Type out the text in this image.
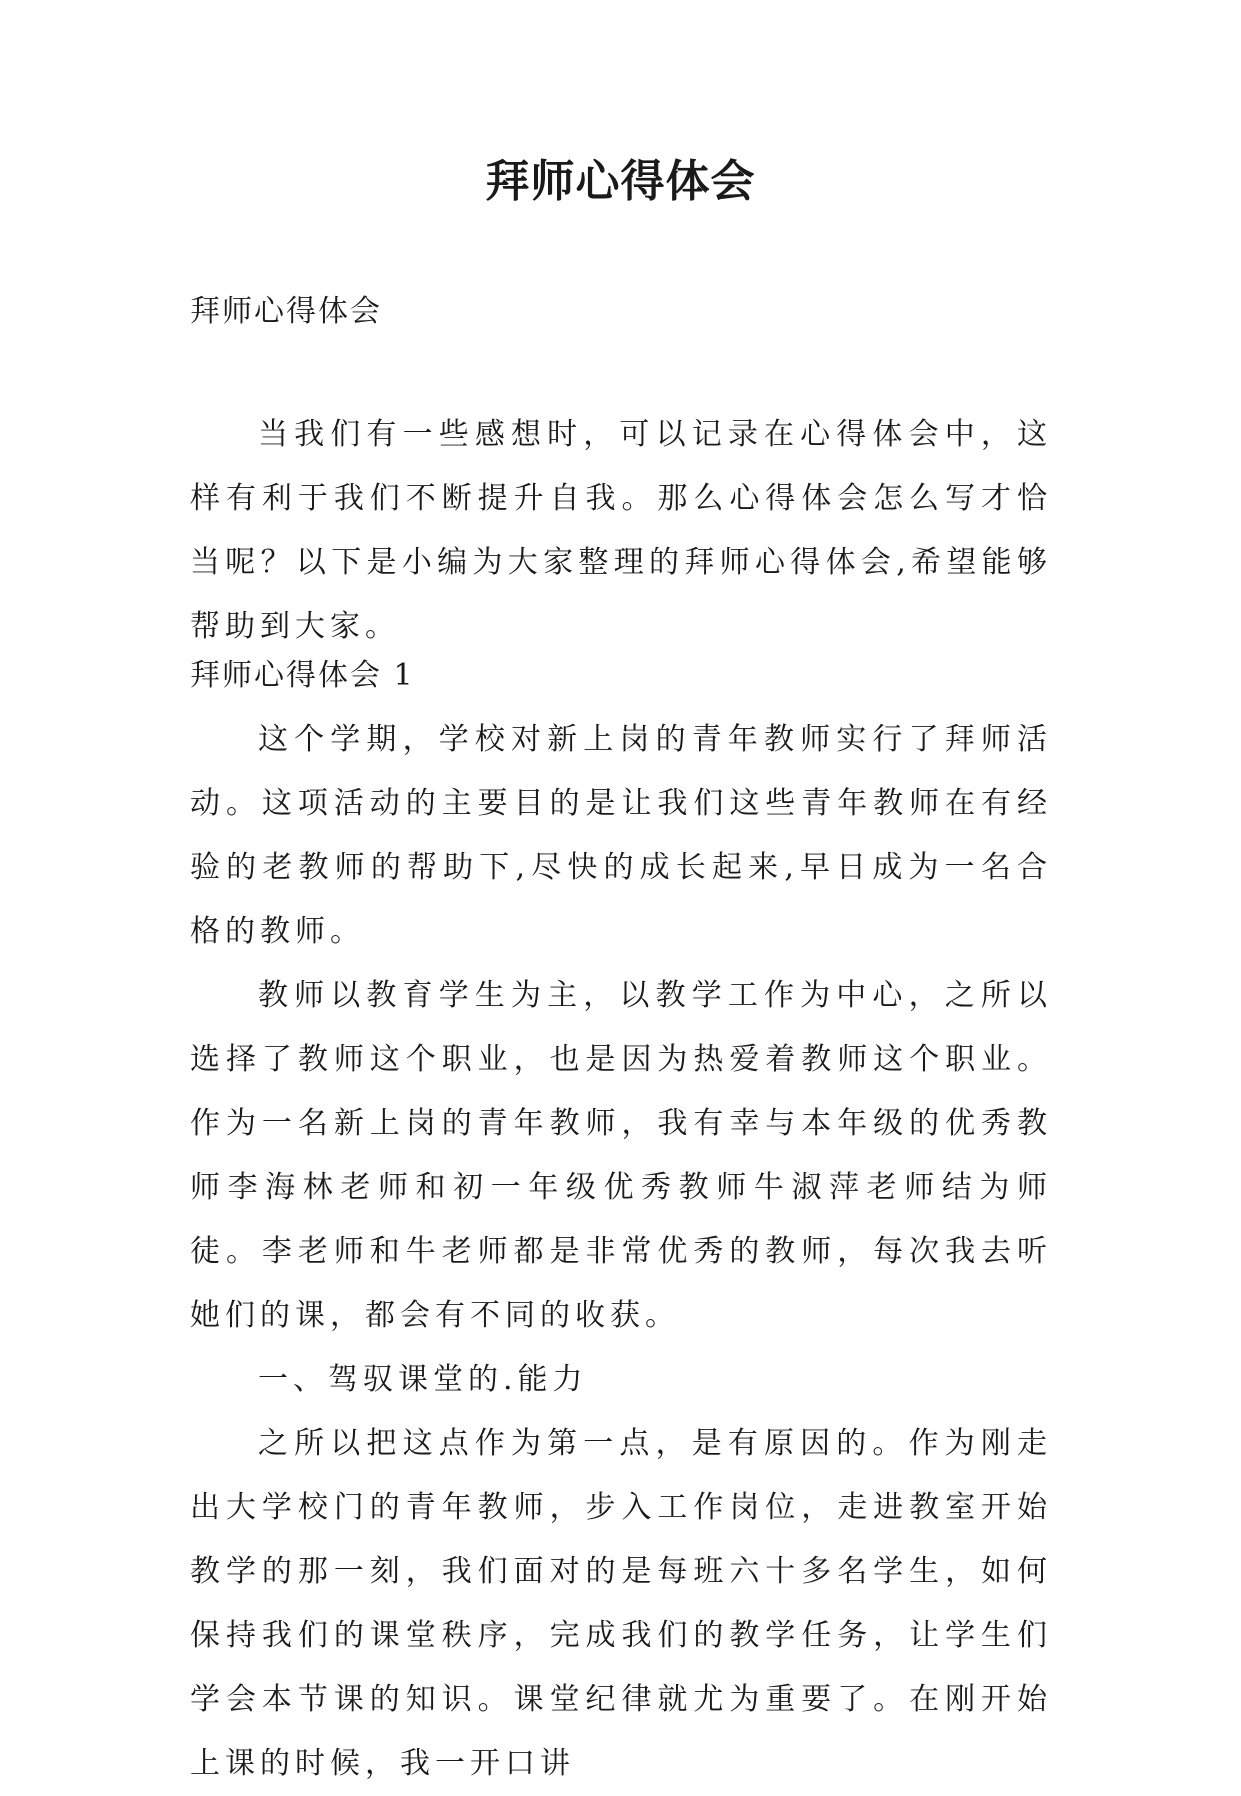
拜师心得体会
拜师心得体会

当我们有一些感想时，可以记录在心得体会中，这样有利于我们不断提升自我。那么心得体会怎么写才恰当呢？以下是小编为大家整理的拜师心得体会,希望能够帮助到大家。

拜师心得体会 1

这个学期，学校对新上岗的青年教师实行了拜师活动。这项活动的主要目的是让我们这些青年教师在有经验的老教师的帮助下,尽快的成长起来,早日成为一名合格的教师。

教师以教育学生为主，以教学工作为中心，之所以选择了教师这个职业，也是因为热爱着教师这个职业。作为一名新上岗的青年教师，我有幸与本年级的优秀教师李海林老师和初一年级优秀教师牛淑萍老师结为师徒。李老师和牛老师都是非常优秀的教师，每次我去听她们的课，都会有不同的收获。

一、驾驭课堂的.能力

之所以把这点作为第一点，是有原因的。作为刚走出大学校门的青年教师，步入工作岗位，走进教室开始教学的那一刻，我们面对的是每班六十多名学生，如何保持我们的课堂秩序，完成我们的教学任务，让学生们学会本节课的知识。课堂纪律就尤为重要了。在刚开始上课的时候，我一开口讲
